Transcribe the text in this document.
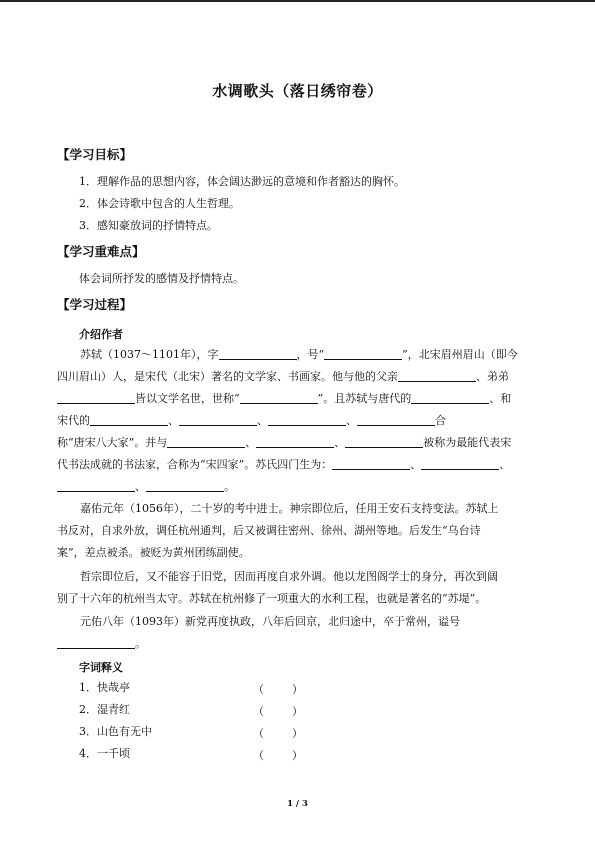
水调歌头（落日绣帘卷）
【学习目标】
1．理解作品的思想内容，体会阔达渺远的意境和作者豁达的胸怀。
2．体会诗歌中包含的人生哲理。
3．感知豪放词的抒情特点。
【学习重难点】
体会词所抒发的感情及抒情特点。
【学习过程】
介绍作者
苏轼（1037～1101年），字	，号“	”，北宋眉州眉山（即今
四川眉山）人，是宋代（北宋）著名的文学家、书画家。他与他的父亲	、弟弟
皆以文学名世，世称“	”。且苏轼与唐代的	、和
宋代的	、	、	、	合
称“唐宋八大家”。并与	、	、	被称为最能代表宋
代书法成就的书法家，合称为“宋四家”。苏氏四门生为：	、	、
、	。
嘉佑元年（1056年），二十岁的考中进士。神宗即位后，任用王安石支持变法。苏轼上
书反对，自求外放，调任杭州通判，后又被调往密州、徐州、湖州等地。后发生“乌台诗
案”，差点被杀。被贬为黄州团练副使。
哲宗即位后，又不能容于旧党，因而再度自求外调。他以龙图阁学士的身分，再次到阔
别了十六年的杭州当太守。苏轼在杭州修了一项重大的水利工程，也就是著名的“苏堤”。
元佑八年（1093年）新党再度执政，八年后回京，北归途中，卒于常州，谥号
。
字词释义
1．快哉亭	（        ）
2．湿青红	（        ）
3．山色有无中	（        ）
4．一千顷	（        ）
1 / 3
